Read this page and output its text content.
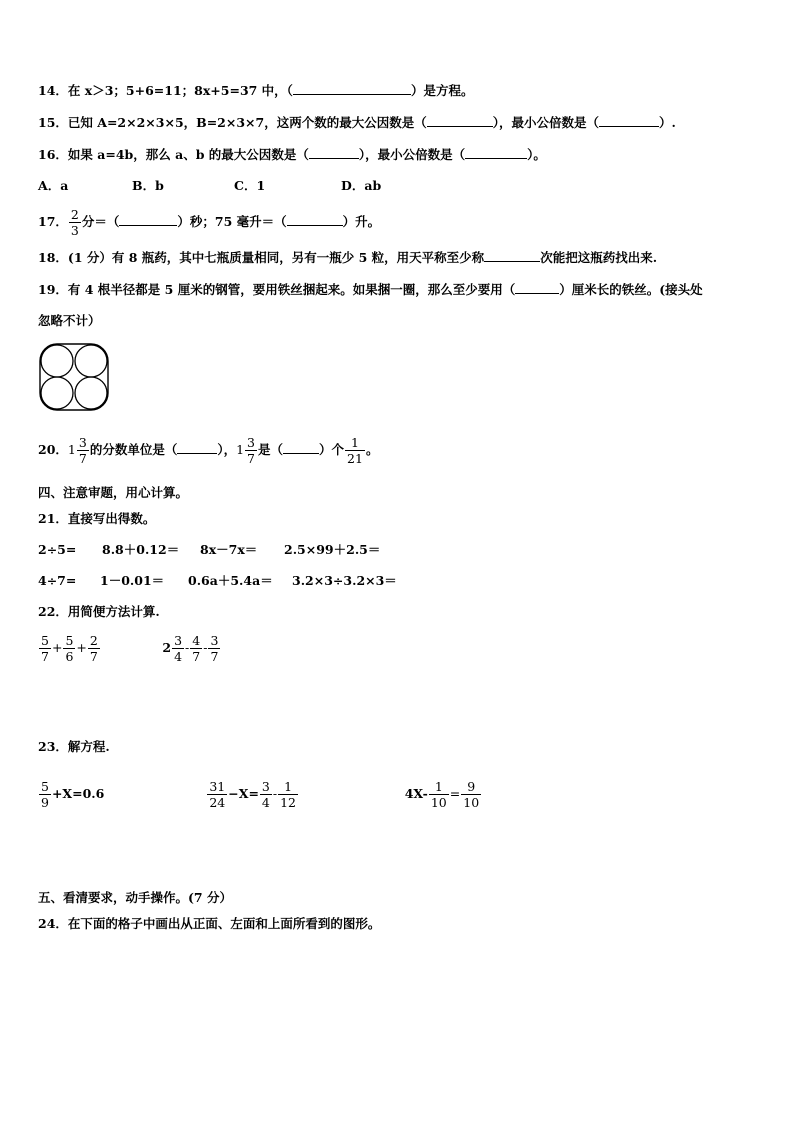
14．在 x＞3；5+6=11；8x+5=37 中，（	）是方程。
15．已知 A=2×2×3×5，B=2×3×7，这两个数的最大公因数是（	），最小公倍数是（	）.
16．如果 a=4b，那么 a、b 的最大公因数是（	），最小公倍数是（	）。
A．a	B．b	C．1	D．ab
17． $\frac{2}{3}$ 分＝（	）秒；75 毫升＝（	）升。
18．(1 分）有 8 瓶药，其中七瓶质量相同，另有一瓶少 5 粒，用天平称至少称	次能把这瓶药找出来.
19．有 4 根半径都是 5 厘米的钢管，要用铁丝捆起来。如果捆一圈，那么至少要用（	）厘米长的铁丝。(接头处
忽略不计）
20．$1 \frac{3}{7}$ 的分数单位是（	），$1 \frac{3}{7}$ 是（	）个 $\frac{1}{21}$ 。
四、注意审题，用心计算。
21．直接写出得数。
2÷5= 8.8＋0.12＝ 8x－7x＝ 2.5×99＋2.5＝
4÷7= 1－0.01＝ 0.6a＋5.4a＝ 3.2×3÷3.2×3＝
22．用简便方法计算.
$\frac{5}{7} + \frac{5}{6} + \frac{2}{7}$	$2 \frac{3}{4} - \frac{4}{7} - \frac{3}{7}$
23．解方程.
$\frac{5}{9} +X=0.6$	$\frac{31}{24} -X= \frac{3}{4} - \frac{1}{12}$	$4X- \frac{1}{10} = \frac{9}{10}$
五、看清要求，动手操作。(7 分）
24．在下面的格子中画出从正面、左面和上面所看到的图形。
